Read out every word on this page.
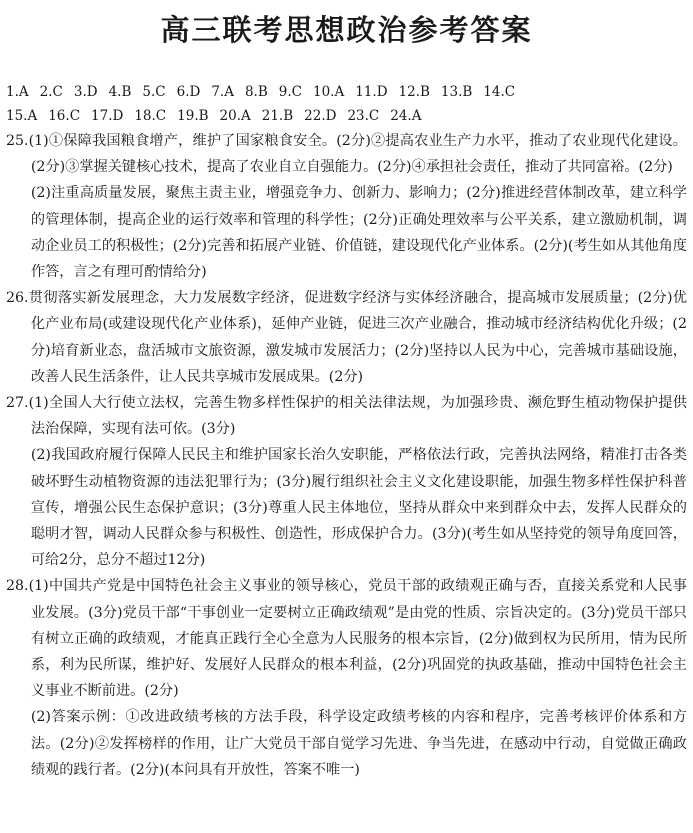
高三联考思想政治参考答案
1.A 2.C 3.D 4.B 5.C 6.D 7.A 8.B 9.C 10.A 11.D 12.B 13.B 14.C
15.A 16.C 17.D 18.C 19.B 20.A 21.B 22.D 23.C 24.A

25.(1)①保障我国粮食增产，维护了国家粮食安全。(2分)②提高农业生产力水平，推动了农业现代化建设。(2分)③掌握关键核心技术，提高了农业自立自强能力。(2分)④承担社会责任，推动了共同富裕。(2分)

(2)注重高质量发展，聚焦主责主业，增强竞争力、创新力、影响力；(2分)推进经营体制改革，建立科学的管理体制，提高企业的运行效率和管理的科学性；(2分)正确处理效率与公平关系，建立激励机制，调动企业员工的积极性；(2分)完善和拓展产业链、价值链，建设现代化产业体系。(2分)(考生如从其他角度作答，言之有理可酌情给分)

26.贯彻落实新发展理念，大力发展数字经济，促进数字经济与实体经济融合，提高城市发展质量；(2分)优化产业布局(或建设现代化产业体系)，延伸产业链，促进三次产业融合，推动城市经济结构优化升级；(2分)培育新业态，盘活城市文旅资源，激发城市发展活力；(2分)坚持以人民为中心，完善城市基础设施，改善人民生活条件，让人民共享城市发展成果。(2分)

27.(1)全国人大行使立法权，完善生物多样性保护的相关法律法规，为加强珍贵、濒危野生植动物保护提供法治保障，实现有法可依。(3分)

(2)我国政府履行保障人民民主和维护国家长治久安职能，严格依法行政，完善执法网络，精准打击各类破坏野生动植物资源的违法犯罪行为；(3分)履行组织社会主义文化建设职能，加强生物多样性保护科普宣传，增强公民生态保护意识；(3分)尊重人民主体地位，坚持从群众中来到群众中去，发挥人民群众的聪明才智，调动人民群众参与积极性、创造性，形成保护合力。(3分)(考生如从坚持党的领导角度回答，可给2分，总分不超过12分)

28.(1)中国共产党是中国特色社会主义事业的领导核心，党员干部的政绩观正确与否，直接关系党和人民事业发展。(3分)党员干部“干事创业一定要树立正确政绩观”是由党的性质、宗旨决定的。(3分)党员干部只有树立正确的政绩观，才能真正践行全心全意为人民服务的根本宗旨，(2分)做到权为民所用，情为民所系，利为民所谋，维护好、发展好人民群众的根本利益，(2分)巩固党的执政基础，推动中国特色社会主义事业不断前进。(2分)

(2)答案示例：①改进政绩考核的方法手段，科学设定政绩考核的内容和程序，完善考核评价体系和方法。(2分)②发挥榜样的作用，让广大党员干部自觉学习先进、争当先进，在感动中行动，自觉做正确政绩观的践行者。(2分)(本问具有开放性，答案不唯一)
